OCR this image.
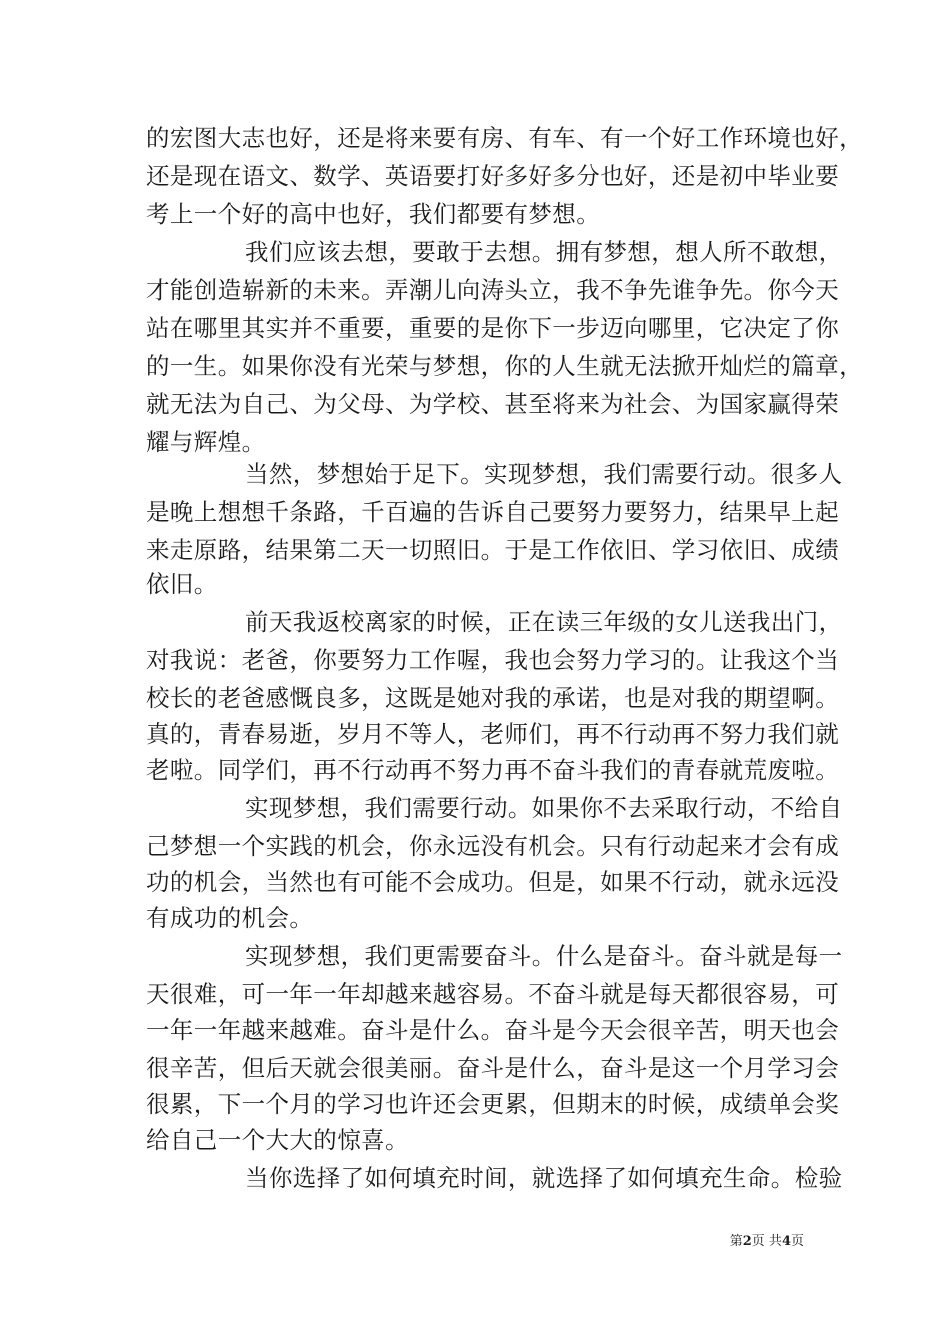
的宏图大志也好，还是将来要有房、有车、有一个好工作环境也好，
还是现在语文、数学、英语要打好多好多分也好，还是初中毕业要
考上一个好的高中也好，我们都要有梦想。
我们应该去想，要敢于去想。拥有梦想，想人所不敢想，
才能创造崭新的未来。弄潮儿向涛头立，我不争先谁争先。你今天
站在哪里其实并不重要，重要的是你下一步迈向哪里，它决定了你
的一生。如果你没有光荣与梦想，你的人生就无法掀开灿烂的篇章，
就无法为自己、为父母、为学校、甚至将来为社会、为国家赢得荣
耀与辉煌。
当然，梦想始于足下。实现梦想，我们需要行动。很多人
是晚上想想千条路，千百遍的告诉自己要努力要努力，结果早上起
来走原路，结果第二天一切照旧。于是工作依旧、学习依旧、成绩
依旧。
前天我返校离家的时候，正在读三年级的女儿送我出门，
对我说：老爸，你要努力工作喔，我也会努力学习的。让我这个当
校长的老爸感慨良多，这既是她对我的承诺，也是对我的期望啊。
真的，青春易逝，岁月不等人，老师们，再不行动再不努力我们就
老啦。同学们，再不行动再不努力再不奋斗我们的青春就荒废啦。
实现梦想，我们需要行动。如果你不去采取行动，不给自
己梦想一个实践的机会，你永远没有机会。只有行动起来才会有成
功的机会，当然也有可能不会成功。但是，如果不行动，就永远没
有成功的机会。
实现梦想，我们更需要奋斗。什么是奋斗。奋斗就是每一
天很难，可一年一年却越来越容易。不奋斗就是每天都很容易，可
一年一年越来越难。奋斗是什么。奋斗是今天会很辛苦，明天也会
很辛苦，但后天就会很美丽。奋斗是什么，奋斗是这一个月学习会
很累，下一个月的学习也许还会更累，但期末的时候，成绩单会奖
给自己一个大大的惊喜。
当你选择了如何填充时间，就选择了如何填充生命。检验
第2页 共4页
